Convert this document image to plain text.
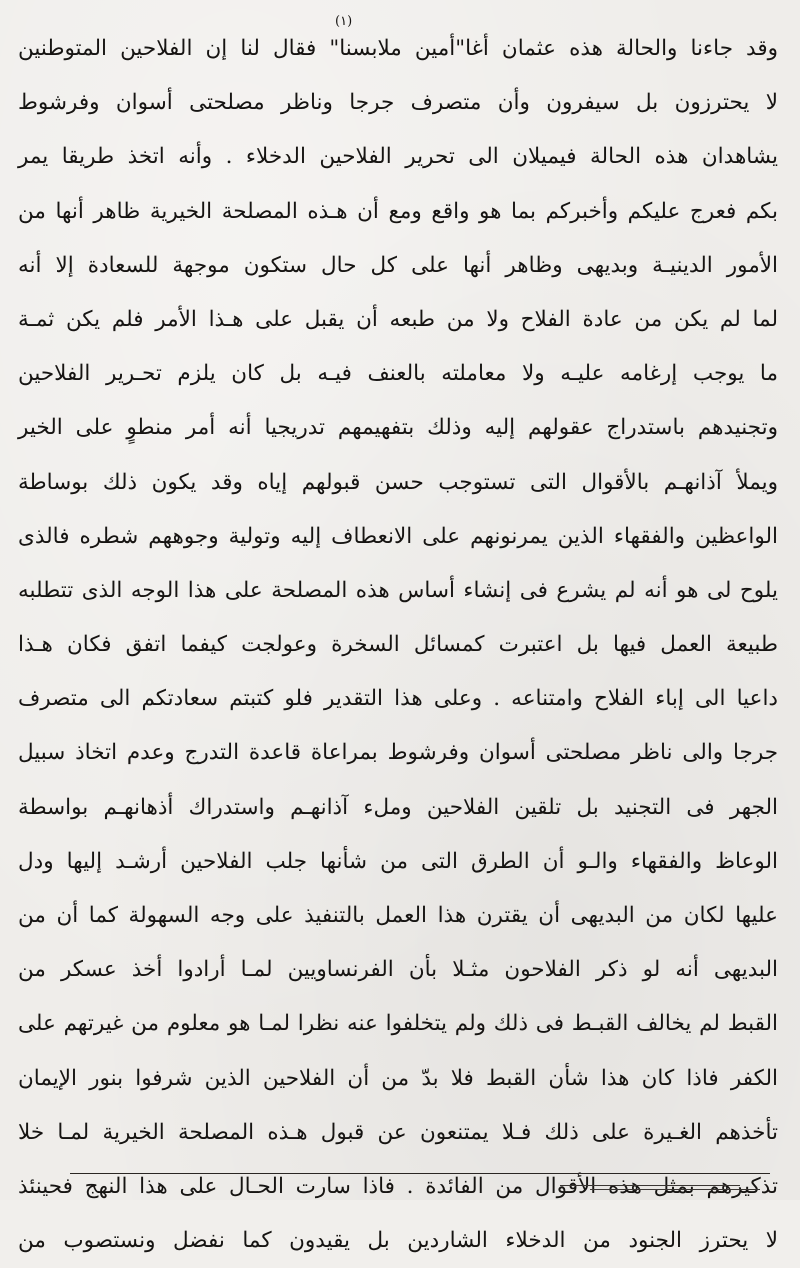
وقد جاءنا والحالة هذه عثمان أغا"أمين ملابسنا" فقال لنا إن الفلاحين المتوطنين
لا يحترزون بل سيفرون وأن متصرف جرجا وناظر مصلحتى أسوان وفرشوط
يشاهدان هذه الحالة فيميلان الى تحرير الفلاحين الدخلاء . وأنه اتخذ طريقا يمر
بكم فعرج عليكم وأخبركم بما هو واقع ومع أن هـذه المصلحة الخيرية ظاهر أنها من
الأمور الدينيـة وبديهى وظاهر أنها على كل حال ستكون موجهة للسعادة إلا أنه
لما لم يكن من عادة الفلاح ولا من طبعه أن يقبل على هـذا الأمر فلم يكن ثمـة
ما يوجب إرغامه عليـه ولا معاملته بالعنف فيـه بل كان يلزم تحـرير الفلاحين
وتجنيدهم باستدراج عقولهم إليه وذلك بتفهيمهم تدريجيا أنه أمر منطوٍ على الخير
ويملأ آذانهـم بالأقوال التى تستوجب حسن قبولهم إياه وقد يكون ذلك بوساطة
الواعظين والفقهاء الذين يمرنونهم على الانعطاف إليه وتولية وجوههم شطره فالذى
يلوح لى هو أنه لم يشرع فى إنشاء أساس هذه المصلحة على هذا الوجه الذى تتطلبه
طبيعة العمل فيها بل اعتبرت كمسائل السخرة وعولجت كيفما اتفق فكان هـذا
داعيا الى إباء الفلاح وامتناعه . وعلى هذا التقدير فلو كتبتم سعادتكم الى متصرف
جرجا والى ناظر مصلحتى أسوان وفرشوط بمراعاة قاعدة التدرج وعدم اتخاذ سبيل
الجهر فى التجنيد بل تلقين الفلاحين وملء آذانهـم واستدراك أذهانهـم بواسطة
الوعاظ والفقهاء والـو أن الطرق التى من شأنها جلب الفلاحين أرشـد إليها ودل
عليها لكان من البديهى أن يقترن هذا العمل بالتنفيذ على وجه السهولة كما أن من
البديهى أنه لو ذكر الفلاحون مثـلا بأن الفرنساويين لمـا أرادوا أخذ عسكر من
القبط لم يخالف القبـط فى ذلك ولم يتخلفوا عنه نظرا لمـا هو معلوم من غيرتهم على
الكفر فاذا كان هذا شأن القبط فلا بدّ من أن الفلاحين الذين شرفوا بنور الإيمان
تأخذهم الغـيرة على ذلك فـلا يمتنعون عن قبول هـذه المصلحة الخيرية لمـا خلا
تذكيرهم بمثل هذه الأقوال من الفائدة . فاذا سارت الحـال على هذا النهج فحينئذ
لا يحترز الجنود من الدخلاء الشاردين بل يقيدون كما نفضل ونستصوب من
(١)
